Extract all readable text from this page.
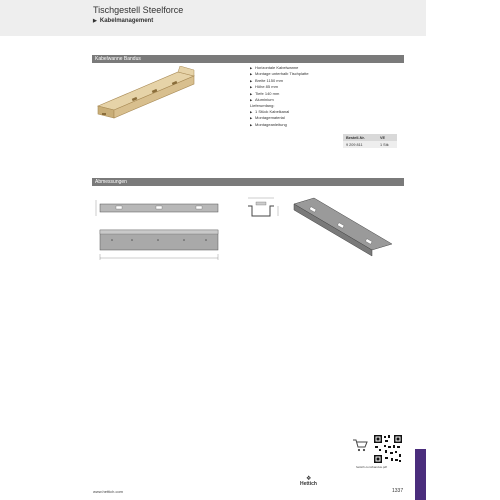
Tischgestell Steelforce
▶ Kabelmanagement
Kabelwanne Bandus
▶ Horizontale Kabelwanne
▶ Montage unterhalb Tischplatte
▶ Breite 1150 mm
▶ Höhe 85 mm
▶ Tiefe 140 mm
▶ Aluminium
Lieferumfang:
▶ 1 Stück Kabelkanal
▶ Montagematerial
▶ Montageanleitung
Bestell-Nr.	VE
9 209 811	1 Stk
Abmessungen
hettich.com/bandus.pdf
www.hettich.com
❖
Hettich
1337
